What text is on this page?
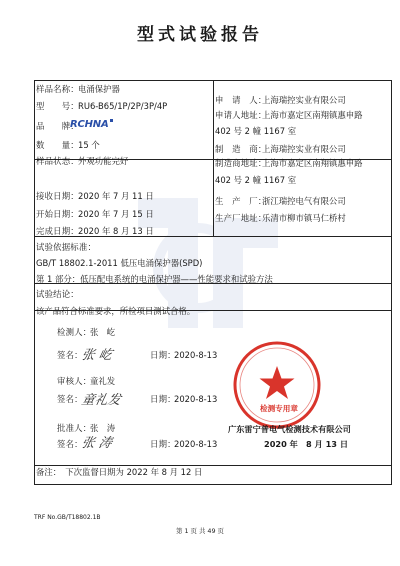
型式试验报告
样品名称： 电涌保护器
型　　号： RU6-B65/1P/2P/3P/4P
品　　牌：
RCHNA
数　　量： 15 个
样品状态： 外观功能完好
接收日期： 2020 年 7 月 11 日
开始日期： 2020 年 7 月 15 日
完成日期： 2020 年 8 月 13 日
申　请　人：
上海瑞控实业有限公司
申请人地址：
上海市嘉定区南翔镇惠申路
402 号 2 幢 1167 室
制　造　商：
上海瑞控实业有限公司
制造商地址：
上海市嘉定区南翔镇惠申路
402 号 2 幢 1167 室
生　产　厂：
浙江瑞控电气有限公司
生产厂地址：
乐清市柳市镇马仁桥村
试验依据标准：
GB/T 18802.1-2011 低压电涌保护器(SPD)
第 1 部分：低压配电系统的电涌保护器——性能要求和试验方法
试验结论：
该产品符合标准要求，所检项目测试合格。
检测人：
张　屹
签名：
张 屹	日期：
2020-8-13
审核人：
童礼发
签名：
童礼发	日期：
2020-8-13
批准人：
张　涛
签名：
张 涛	日期：
2020-8-13
检测专用章
广东雷宁普电气检测技术有限公司
2020 年　8 月 13 日
备注：　下次监督日期为 2022 年 8 月 12 日
TRF No.GB/T18802.1B
第 1 页 共 49 页
